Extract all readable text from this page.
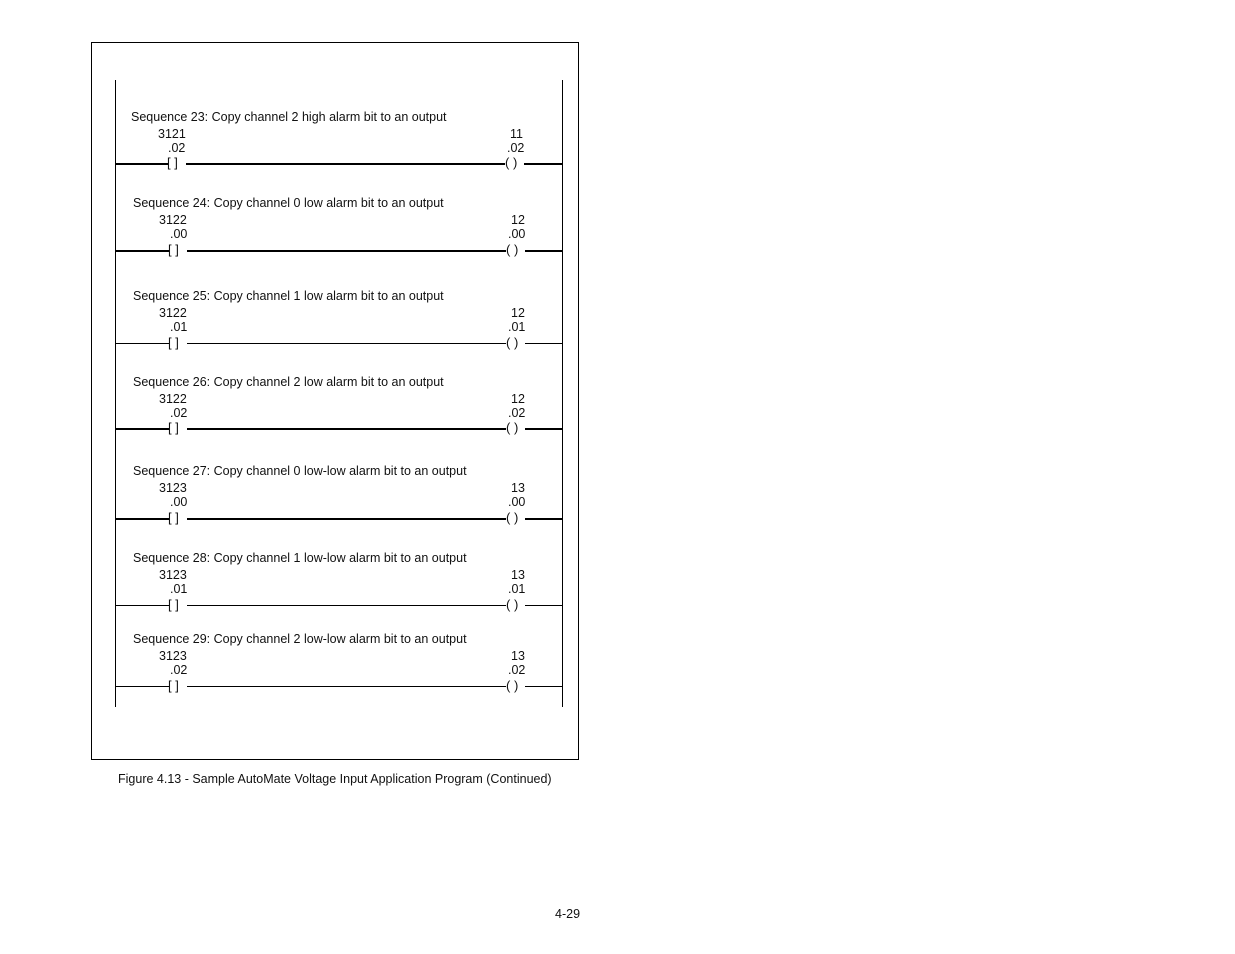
Sequence 23: Copy channel 2 high alarm bit to an output
3121
.02
11
.02
[ ]	( )
Sequence 24: Copy channel 0 low alarm bit to an output
3122
.00
12
.00
[ ]	( )
Sequence 25: Copy channel 1 low alarm bit to an output
3122
.01
12
.01
[ ]	( )
Sequence 26: Copy channel 2 low alarm bit to an output
3122
.02
12
.02
[ ]	( )
Sequence 27: Copy channel 0 low-low alarm bit to an output
3123
.00
13
.00
[ ]	( )
Sequence 28: Copy channel 1 low-low alarm bit to an output
3123
.01
13
.01
[ ]	( )
Sequence 29: Copy channel 2 low-low alarm bit to an output
3123
.02
13
.02
[ ]	( )
Figure 4.13 - Sample AutoMate Voltage Input Application Program (Continued)
4-29
